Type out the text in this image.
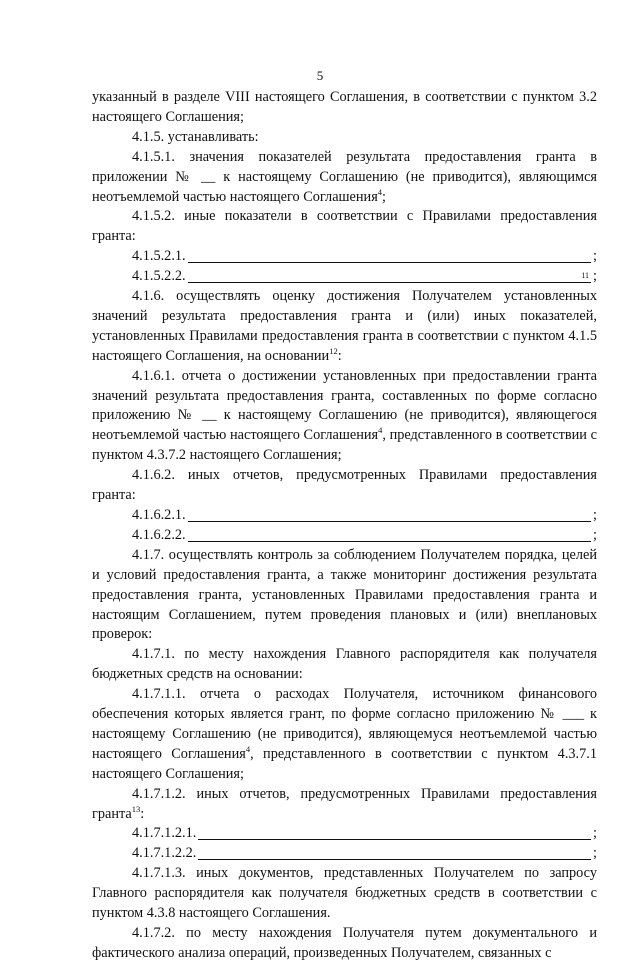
5

указанный в разделе VIII настоящего Соглашения, в соответствии с пунктом 3.2 настоящего Соглашения;

4.1.5. устанавливать:

4.1.5.1. значения показателей результата предоставления гранта в приложении № __ к настоящему Соглашению (не приводится), являющимся неотъемлемой частью настоящего Соглашения$^4$;

4.1.5.2. иные показатели в соответствии с Правилами предоставления гранта:

4.1.5.2.1.	;
4.1.5.2.2.	11 ;

4.1.6. осуществлять оценку достижения Получателем установленных значений результата предоставления гранта и (или) иных показателей, установленных Правилами предоставления гранта в соответствии с пунктом 4.1.5 настоящего Соглашения, на основании$^{12}$:

4.1.6.1. отчета о достижении установленных при предоставлении гранта значений результата предоставления гранта, составленных по форме согласно приложению № __ к настоящему Соглашению (не приводится), являющегося неотъемлемой частью настоящего Соглашения$^4$, представленного в соответствии с пунктом 4.3.7.2 настоящего Соглашения;

4.1.6.2. иных отчетов, предусмотренных Правилами предоставления гранта:

4.1.6.2.1.	;
4.1.6.2.2.	;

4.1.7. осуществлять контроль за соблюдением Получателем порядка, целей и условий предоставления гранта, а также мониторинг достижения результата предоставления гранта, установленных Правилами предоставления гранта и настоящим Соглашением, путем проведения плановых и (или) внеплановых проверок:

4.1.7.1. по месту нахождения Главного распорядителя как получателя бюджетных средств на основании:

4.1.7.1.1. отчета о расходах Получателя, источником финансового обеспечения которых является грант, по форме согласно приложению № ___ к настоящему Соглашению (не приводится), являющемуся неотъемлемой частью настоящего Соглашения$^4$, представленного в соответствии с пунктом 4.3.7.1 настоящего Соглашения;

4.1.7.1.2. иных отчетов, предусмотренных Правилами предоставления гранта$^{13}$:

4.1.7.1.2.1.	;
4.1.7.1.2.2.	;

4.1.7.1.3. иных документов, представленных Получателем по запросу Главного распорядителя как получателя бюджетных средств в соответствии с пунктом 4.3.8 настоящего Соглашения.

4.1.7.2. по месту нахождения Получателя путем документального и фактического анализа операций, произведенных Получателем, связанных с
